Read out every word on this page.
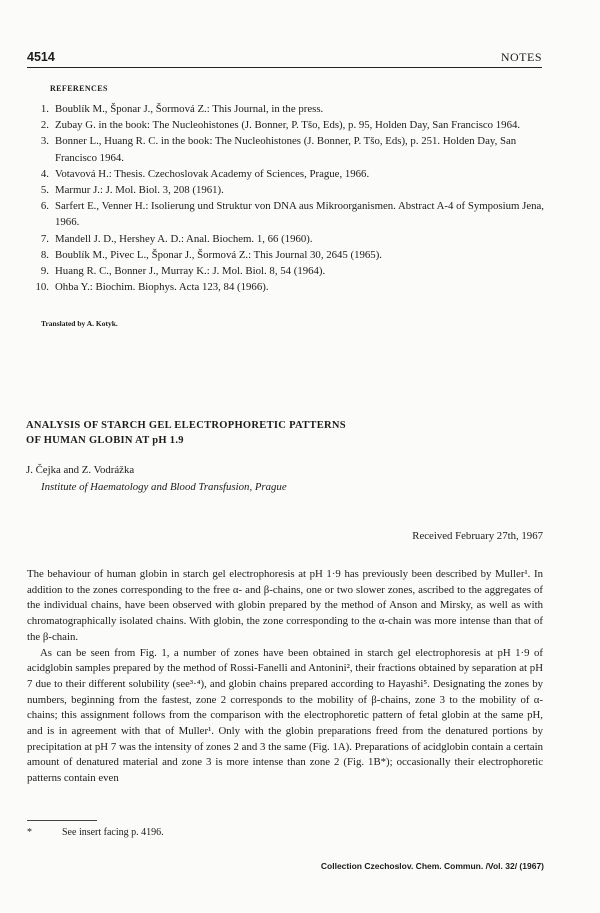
4514	NOTES
REFERENCES
1. Boublík M., Šponar J., Šormová Z.: This Journal, in the press.
2. Zubay G. in the book: The Nucleohistones (J. Bonner, P. Tšo, Eds), p. 95, Holden Day, San Francisco 1964.
3. Bonner L., Huang R. C. in the book: The Nucleohistones (J. Bonner, P. Tšo, Eds), p. 251. Holden Day, San Francisco 1964.
4. Votavová H.: Thesis. Czechoslovak Academy of Sciences, Prague, 1966.
5. Marmur J.: J. Mol. Biol. 3, 208 (1961).
6. Sarfert E., Venner H.: Isolierung und Struktur von DNA aus Mikroorganismen. Abstract A-4 of Symposium Jena, 1966.
7. Mandell J. D., Hershey A. D.: Anal. Biochem. 1, 66 (1960).
8. Boublík M., Pivec L., Šponar J., Šormová Z.: This Journal 30, 2645 (1965).
9. Huang R. C., Bonner J., Murray K.: J. Mol. Biol. 8, 54 (1964).
10. Ohba Y.: Biochim. Biophys. Acta 123, 84 (1966).
Translated by A. Kotyk.
ANALYSIS OF STARCH GEL ELECTROPHORETIC PATTERNS
OF HUMAN GLOBIN AT pH 1.9
J. Čejka and Z. Vodrážka
Institute of Haematology and Blood Transfusion, Prague
Received February 27th, 1967

The behaviour of human globin in starch gel electrophoresis at pH 1·9 has previously been described by Muller¹. In addition to the zones corresponding to the free α- and β-chains, one or two slower zones, ascribed to the aggregates of the individual chains, have been observed with globin prepared by the method of Anson and Mirsky, as well as with chromatographically isolated chains. With globin, the zone corresponding to the α-chain was more intense than that of the β-chain.

As can be seen from Fig. 1, a number of zones have been obtained in starch gel electrophoresis at pH 1·9 of acidglobin samples prepared by the method of Rossi-Fanelli and Antonini², their fractions obtained by separation at pH 7 due to their different solubility (see³·⁴), and globin chains prepared according to Hayashi⁵. Designating the zones by numbers, beginning from the fastest, zone 2 corresponds to the mobility of β-chains, zone 3 to the mobility of α-chains; this assignment follows from the comparison with the electrophoretic pattern of fetal globin at the same pH, and is in agreement with that of Muller¹. Only with the globin preparations freed from the denatured portions by precipitation at pH 7 was the intensity of zones 2 and 3 the same (Fig. 1A). Preparations of acidglobin contain a certain amount of denatured material and zone 3 is more intense than zone 2 (Fig. 1B*); occasionally their electrophoretic patterns contain even

*	See insert facing p. 4196.
Collection Czechoslov. Chem. Commun. /Vol. 32/ (1967)
